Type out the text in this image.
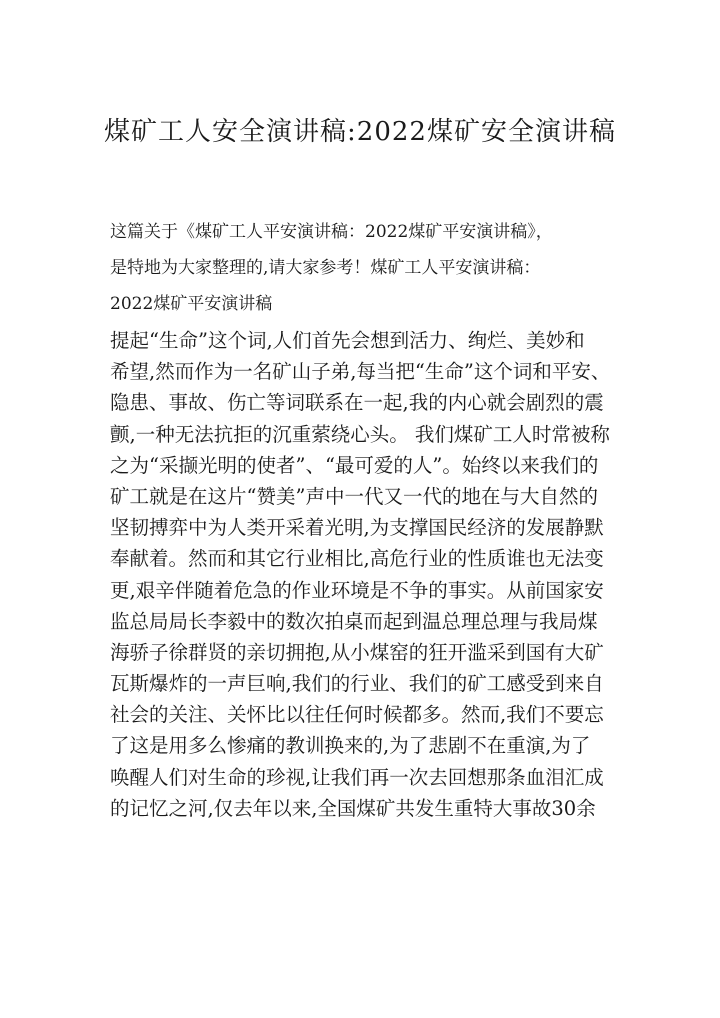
煤矿工人安全演讲稿:2022煤矿安全演讲稿
这篇关于《煤矿工人平安演讲稿：2022煤矿平安演讲稿》，
是特地为大家整理的,请大家参考！煤矿工人平安演讲稿：
2022煤矿平安演讲稿
提起“生命”这个词,人们首先会想到活力、绚烂、美妙和
希望,然而作为一名矿山子弟,每当把“生命”这个词和平安、
隐患、事故、伤亡等词联系在一起,我的内心就会剧烈的震
颤,一种无法抗拒的沉重萦绕心头。 我们煤矿工人时常被称
之为“采撷光明的使者”、“最可爱的人”。始终以来我们的
矿工就是在这片“赞美”声中一代又一代的地在与大自然的
坚韧搏弈中为人类开采着光明,为支撑国民经济的发展静默
奉献着。然而和其它行业相比,高危行业的性质谁也无法变
更,艰辛伴随着危急的作业环境是不争的事实。从前国家安
监总局局长李毅中的数次拍桌而起到温总理总理与我局煤
海骄子徐群贤的亲切拥抱,从小煤窑的狂开滥采到国有大矿
瓦斯爆炸的一声巨响,我们的行业、我们的矿工感受到来自
社会的关注、关怀比以往任何时候都多。然而,我们不要忘
了这是用多么惨痛的教训换来的,为了悲剧不在重演,为了
唤醒人们对生命的珍视,让我们再一次去回想那条血泪汇成
的记忆之河,仅去年以来,全国煤矿共发生重特大事故30余
